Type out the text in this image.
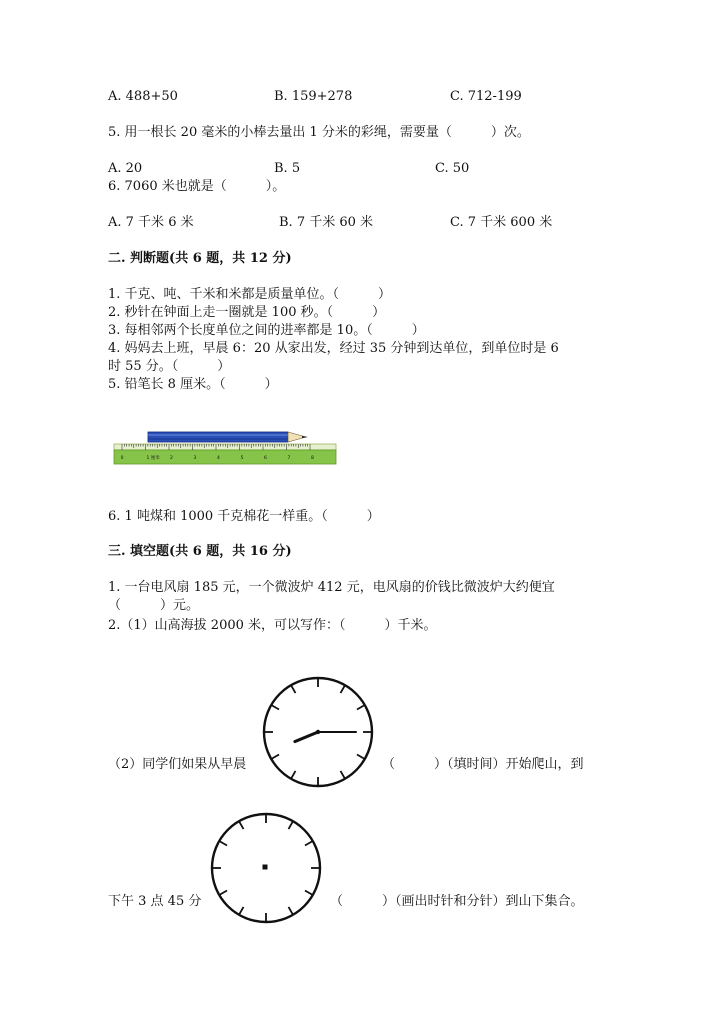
A. 488+50	B. 159+278	C. 712-199
5. 用一根长 20 毫米的小棒去量出 1 分米的彩绳，需要量（　　　）次。
A. 20	B. 5	C. 50
6. 7060 米也就是（　　　）。
A. 7 千米 6 米	B. 7 千米 60 米	C. 7 千米 600 米
二. 判断题(共 6 题，共 12 分)
1. 千克、吨、千米和米都是质量单位。（　　　）
2. 秒针在钟面上走一圈就是 100 秒。（　　　）
3. 每相邻两个长度单位之间的进率都是 10。（　　　）
4. 妈妈去上班，早晨 6：20 从家出发，经过 35 分钟到达单位，到单位时是 6
时 55 分。（　　　）
5. 铅笔长 8 厘米。（　　　）
0	1 厘米 2	3	4	5	6	7	8
6. 1 吨煤和 1000 千克棉花一样重。（　　　）
三. 填空题(共 6 题，共 16 分)
1. 一台电风扇 185 元，一个微波炉 412 元，电风扇的价钱比微波炉大约便宜
（　　　）元。
2.（1）山高海拔 2000 米，可以写作：（　　　）千米。
（2）同学们如果从早晨	（　　　）（填时间）开始爬山，到
下午 3 点 45 分	（　　　）（画出时针和分针）到山下集合。
